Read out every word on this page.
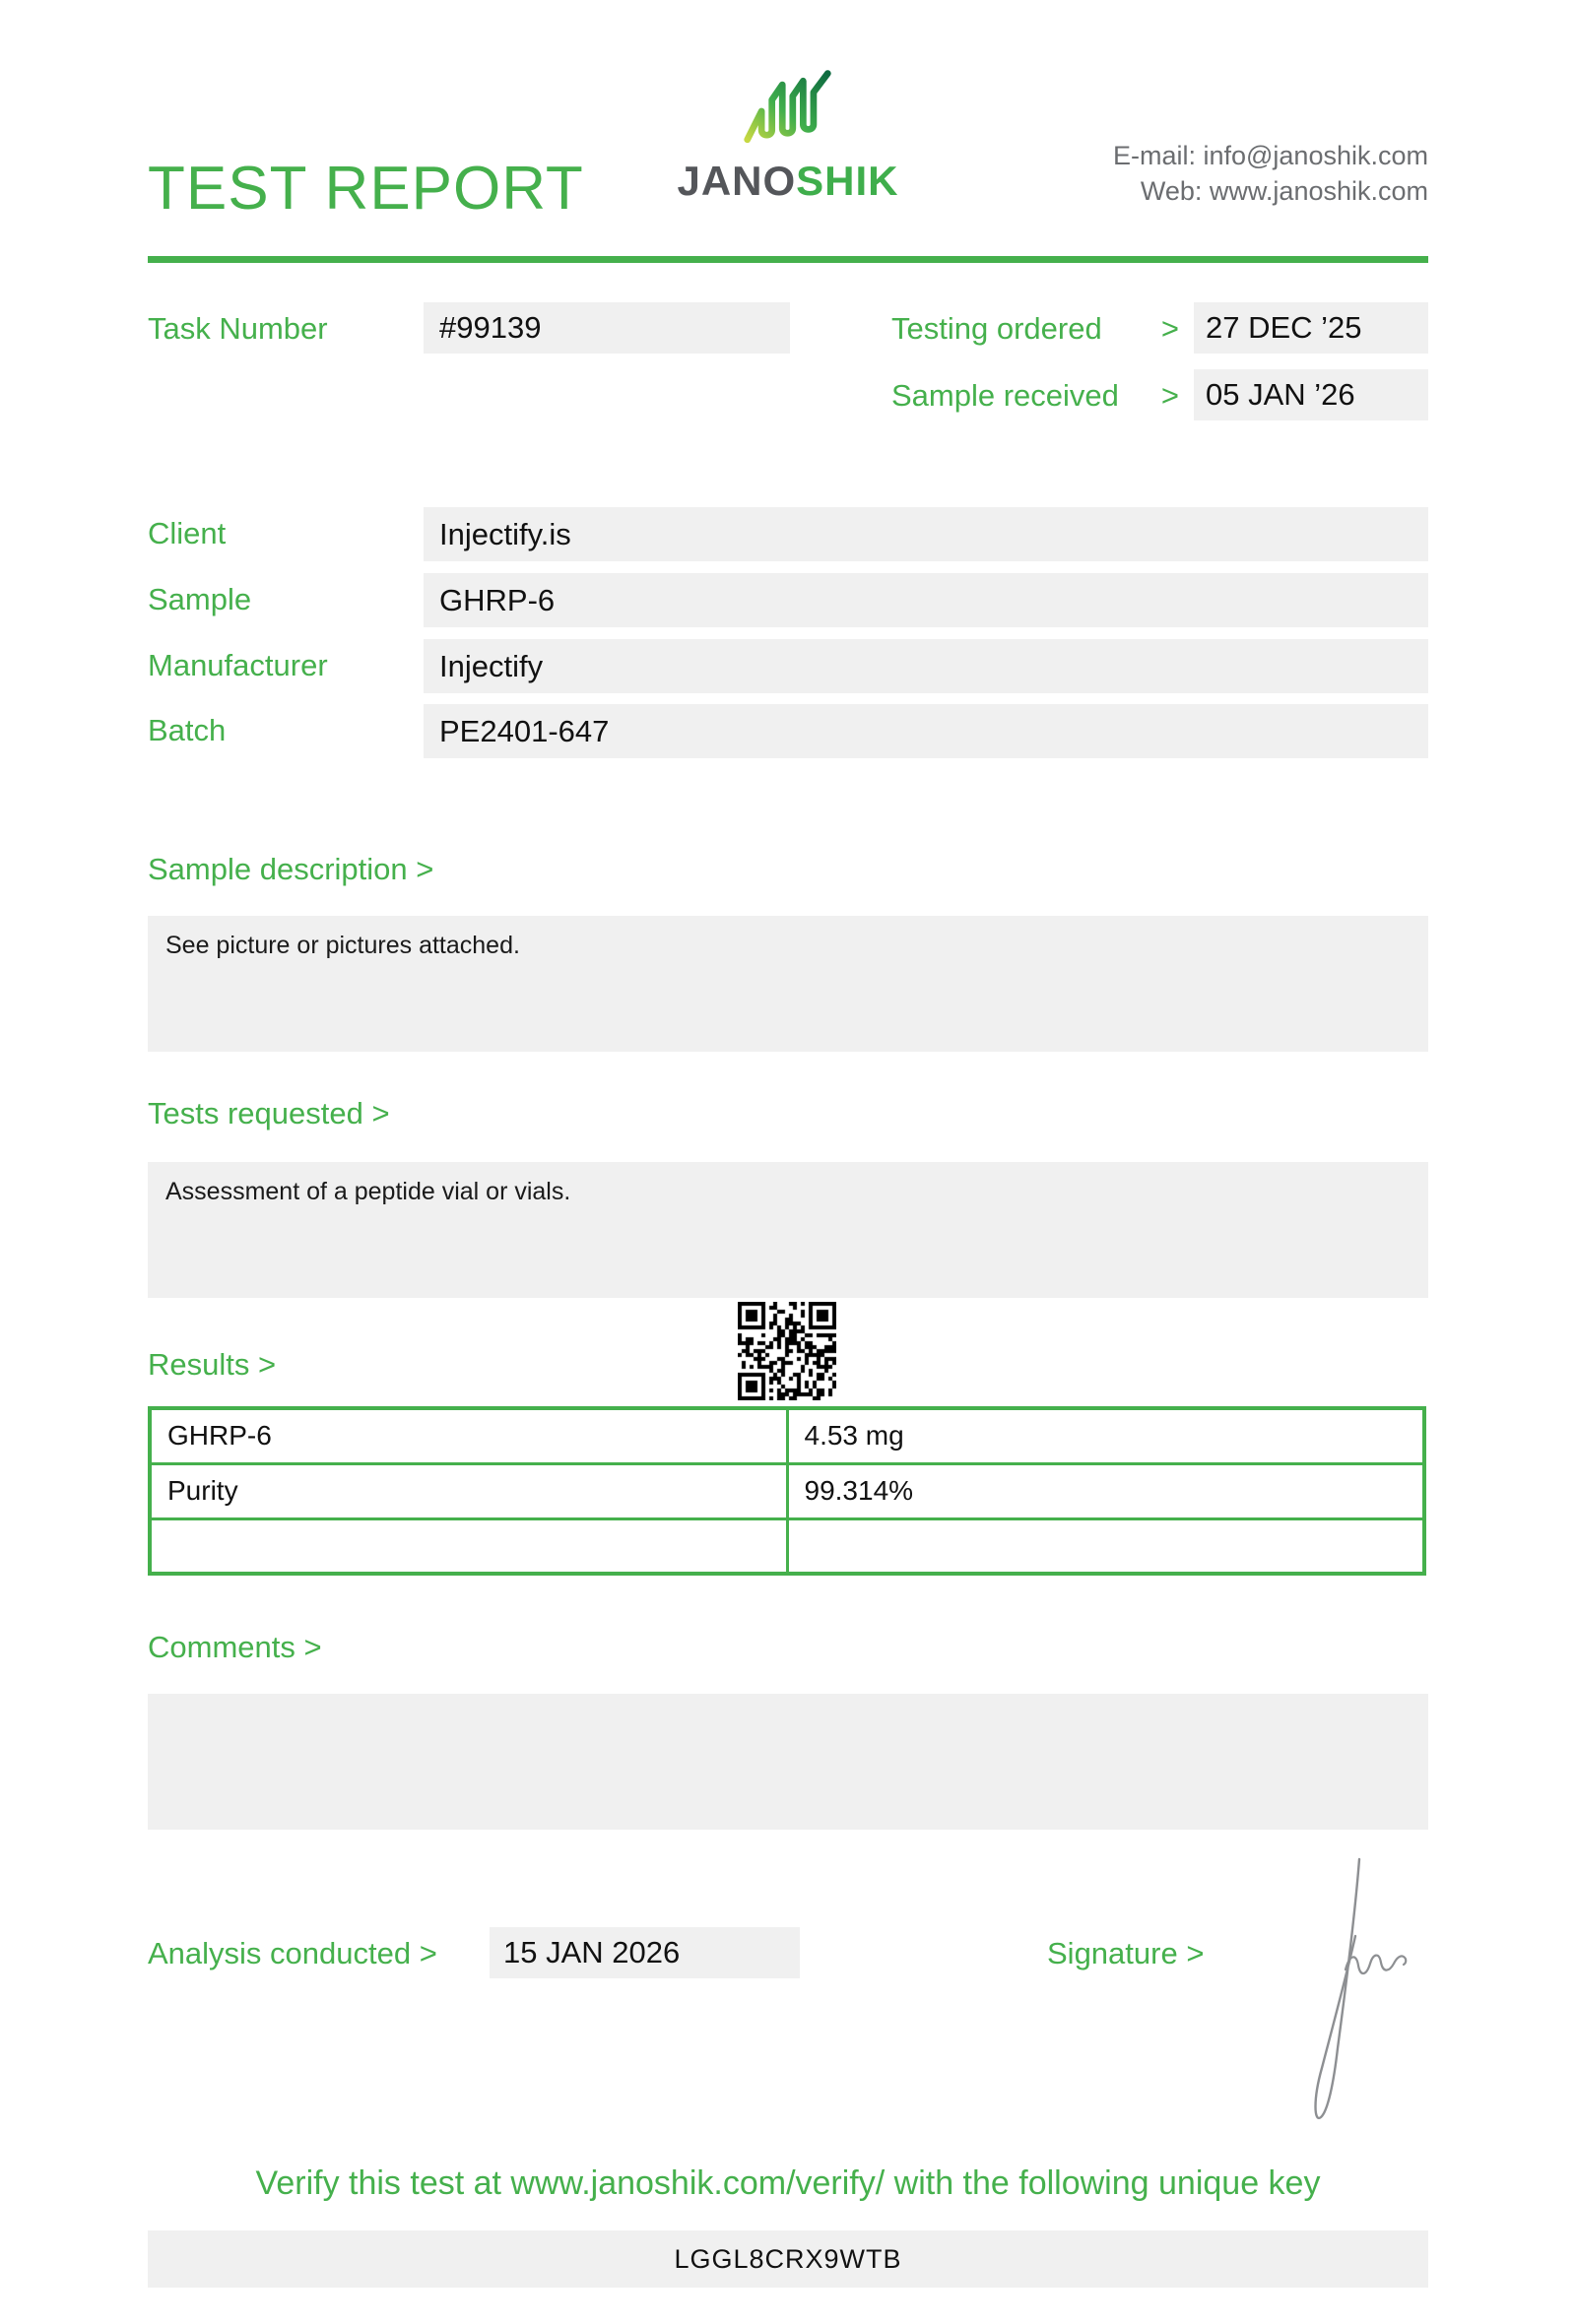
TEST REPORT JANOSHIK
E-mail: info@janoshik.com
Web: www.janoshik.com
Task Number	#99139	Testing ordered > 27 DEC ’25
Sample received > 05 JAN ’26
Client	Injectify.is
Sample	GHRP-6
Manufacturer	Injectify
Batch	PE2401-647
Sample description >
See picture or pictures attached.
Tests requested >
Assessment of a peptide vial or vials.
Results >
GHRP-6	4.53 mg
Purity	99.314%

Comments >
Analysis conducted >	15 JAN 2026	Signature >
Verify this test at www.janoshik.com/verify/ with the following unique key
LGGL8CRX9WTB
